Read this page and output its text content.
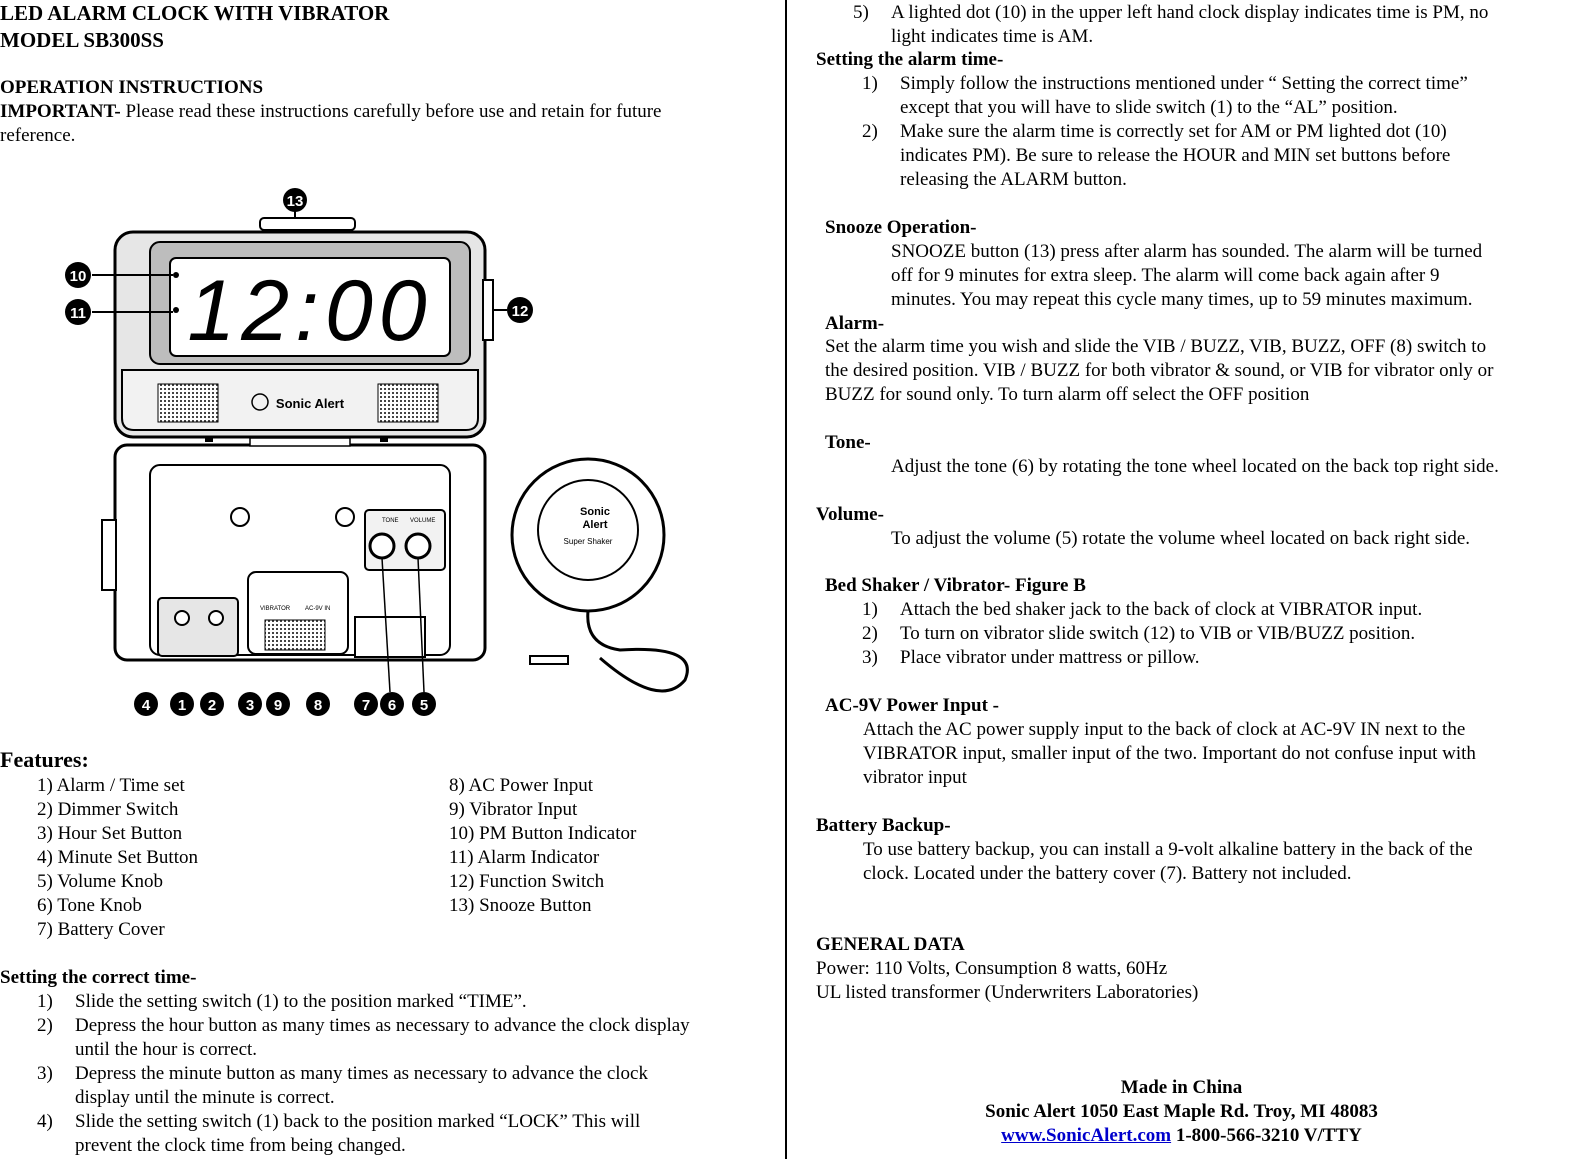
LED ALARM CLOCK WITH VIBRATOR
MODEL SB300SS
OPERATION INSTRUCTIONS
IMPORTANT- Please read these instructions carefully before use and retain for future
reference.
12:00
Sonic Alert
TONE VOLUME
VIBRATOR AC-9V IN
Sonic
Alert
Super Shaker
13
10
11	12
4 1 2 3 9 8	7 6 5
Features:
1) Alarm / Time set
2) Dimmer Switch
3) Hour Set Button
4) Minute Set Button
5) Volume Knob
6) Tone Knob
7) Battery Cover
8) AC Power Input
9) Vibrator Input
10) PM Button Indicator
11) Alarm Indicator
12) Function Switch
13) Snooze Button
Setting the correct time-
1) Slide the setting switch (1) to the position marked “TIME”.
2) Depress the hour button as many times as necessary to advance the clock display
until the hour is correct.
3) Depress the minute button as many times as necessary to advance the clock
display until the minute is correct.
4) Slide the setting switch (1) back to the position marked “LOCK” This will
prevent the clock time from being changed.
5) A lighted dot (10) in the upper left hand clock display indicates time is PM, no
light indicates time is AM.
Setting the alarm time-
1) Simply follow the instructions mentioned under “ Setting the correct time”
except that you will have to slide switch (1) to the “AL” position.
2) Make sure the alarm time is correctly set for AM or PM lighted dot (10)
indicates PM). Be sure to release the HOUR and MIN set buttons before
releasing the ALARM button.
Snooze Operation-
SNOOZE button (13) press after alarm has sounded. The alarm will be turned
off for 9 minutes for extra sleep. The alarm will come back again after 9
minutes. You may repeat this cycle many times, up to 59 minutes maximum.
Alarm-
Set the alarm time you wish and slide the VIB / BUZZ, VIB, BUZZ, OFF (8) switch to
the desired position. VIB / BUZZ for both vibrator & sound, or VIB for vibrator only or
BUZZ for sound only. To turn alarm off select the OFF position
Tone-
Adjust the tone (6) by rotating the tone wheel located on the back top right side.
Volume-
To adjust the volume (5) rotate the volume wheel located on back right side.
Bed Shaker / Vibrator- Figure B
1) Attach the bed shaker jack to the back of clock at VIBRATOR input.
2) To turn on vibrator slide switch (12) to VIB or VIB/BUZZ position.
3) Place vibrator under mattress or pillow.
AC-9V Power Input -
Attach the AC power supply input to the back of clock at AC-9V IN next to the
VIBRATOR input, smaller input of the two. Important do not confuse input with
vibrator input
Battery Backup-
To use battery backup, you can install a 9-volt alkaline battery in the back of the
clock. Located under the battery cover (7). Battery not included.
GENERAL DATA
Power: 110 Volts, Consumption 8 watts, 60Hz
UL listed transformer (Underwriters Laboratories)
Made in China
Sonic Alert 1050 East Maple Rd. Troy, MI 48083
www.SonicAlert.com 1-800-566-3210 V/TTY
